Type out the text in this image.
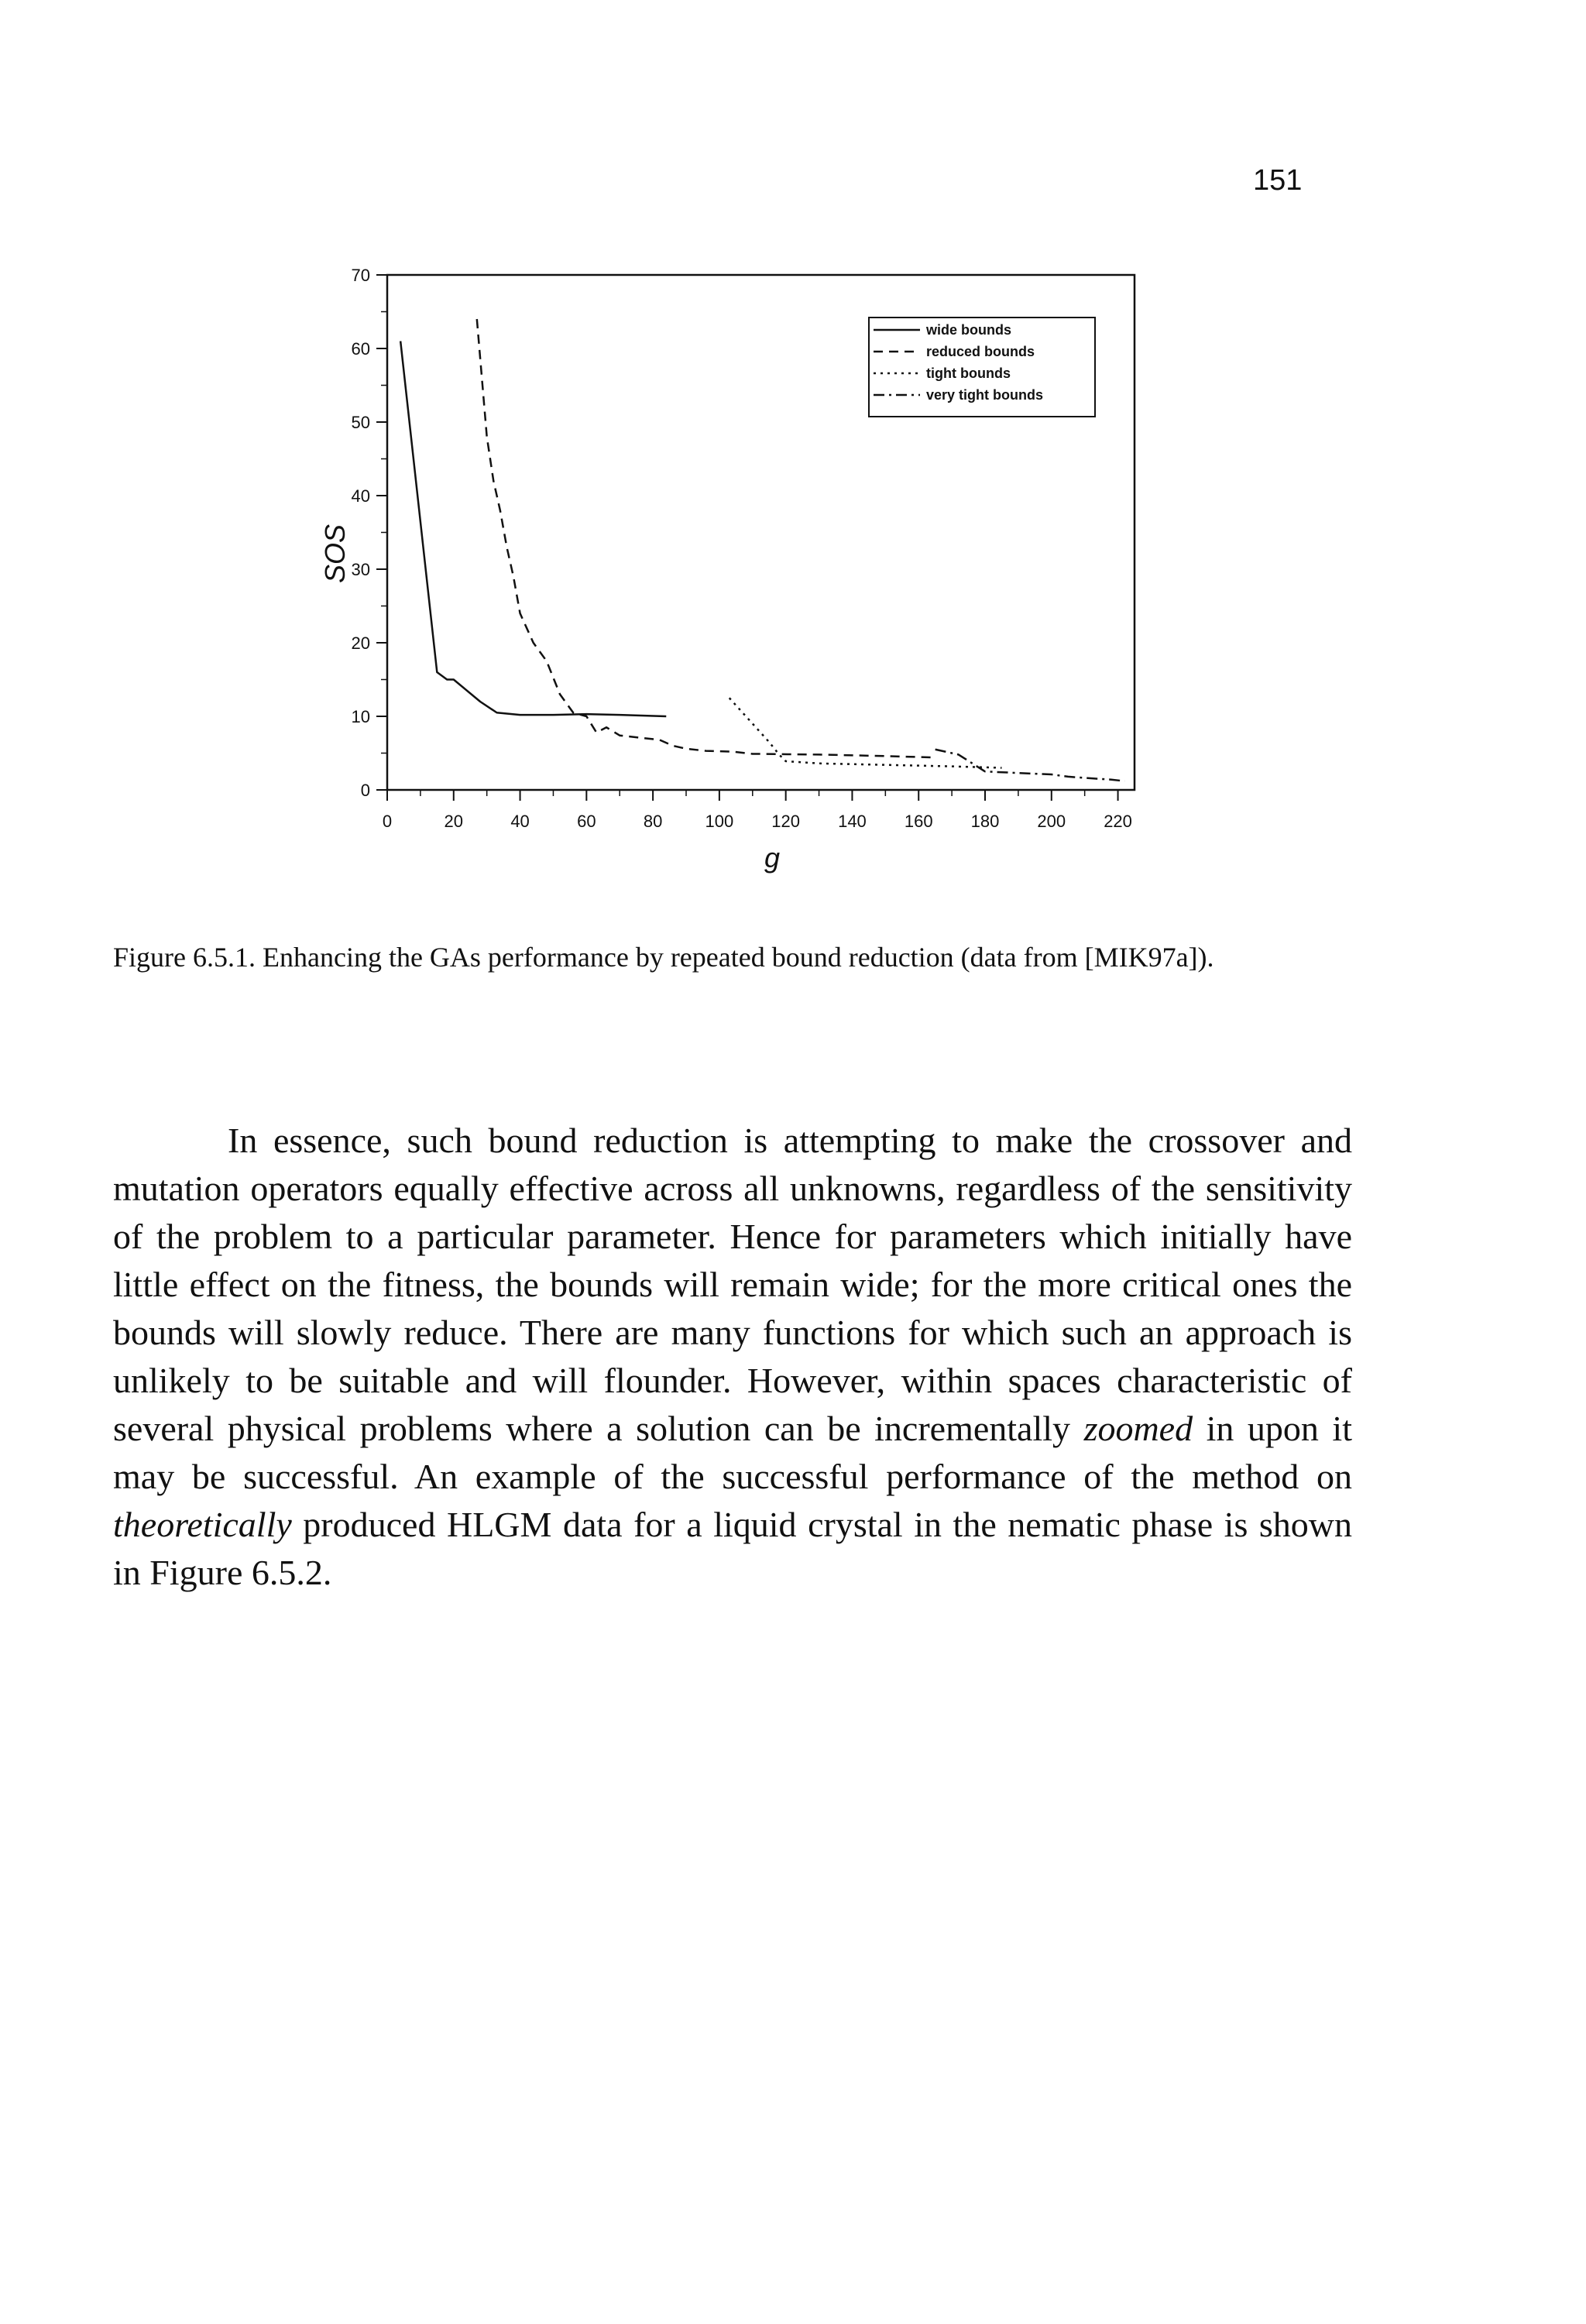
151
0	20	40	60	80	100 120 140 160 180 200 220
0
10
20
30
40
50
60
70
wide bounds
reduced bounds
tight bounds
very tight bounds
SOS
g

Figure 6.5.1. Enhancing the GAs performance by repeated bound reduction (data from [MIK97a]).

In essence, such bound reduction is attempting to make the crossover and mutation operators equally effective across all unknowns, regardless of the sensitivity of the problem to a particular parameter. Hence for parameters which initially have little effect on the fitness, the bounds will remain wide; for the more critical ones the bounds will slowly reduce. There are many functions for which such an approach is unlikely to be suitable and will flounder. However, within spaces characteristic of several physical problems where a solution can be incrementally zoomed in upon it may be successful. An example of the successful performance of the method on theoretically produced HLGM data for a liquid crystal in the nematic phase is shown in Figure 6.5.2.
